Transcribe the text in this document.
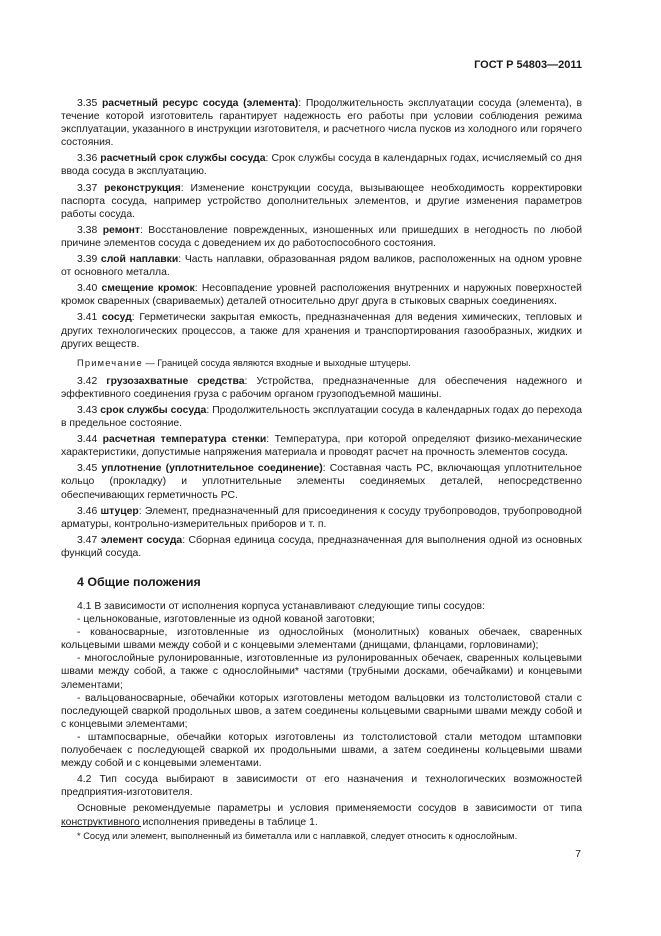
ГОСТ Р 54803—2011

3.35 расчетный ресурс сосуда (элемента): Продолжительность эксплуатации сосуда (элемента), в течение которой изготовитель гарантирует надежность его работы при условии соблюдения режима эксплуатации, указанного в инструкции изготовителя, и расчетного числа пусков из холодного или горячего состояния.

3.36 расчетный срок службы сосуда: Срок службы сосуда в календарных годах, исчисляемый со дня ввода сосуда в эксплуатацию.

3.37 реконструкция: Изменение конструкции сосуда, вызывающее необходимость корректировки паспорта сосуда, например устройство дополнительных элементов, и другие изменения параметров работы сосуда.

3.38 ремонт: Восстановление поврежденных, изношенных или пришедших в негодность по любой причине элементов сосуда с доведением их до работоспособного состояния.

3.39 слой наплавки: Часть наплавки, образованная рядом валиков, расположенных на одном уровне от основного металла.

3.40 смещение кромок: Несовпадение уровней расположения внутренних и наружных поверхностей кромок сваренных (свариваемых) деталей относительно друг друга в стыковых сварных соединениях.

3.41 сосуд: Герметически закрытая емкость, предназначенная для ведения химических, тепловых и других технологических процессов, а также для хранения и транспортирования газообразных, жидких и других веществ.

Примечание — Границей сосуда являются входные и выходные штуцеры.

3.42 грузозахватные средства: Устройства, предназначенные для обеспечения надежного и эффективного соединения груза с рабочим органом грузоподъемной машины.

3.43 срок службы сосуда: Продолжительность эксплуатации сосуда в календарных годах до перехода в предельное состояние.

3.44 расчетная температура стенки: Температура, при которой определяют физико-механические характеристики, допустимые напряжения материала и проводят расчет на прочность элементов сосуда.

3.45 уплотнение (уплотнительное соединение): Составная часть РС, включающая уплотнительное кольцо (прокладку) и уплотнительные элементы соединяемых деталей, непосредственно обеспечивающих герметичность РС.

3.46 штуцер: Элемент, предназначенный для присоединения к сосуду трубопроводов, трубопроводной арматуры, контрольно-измерительных приборов и т. п.

3.47 элемент сосуда: Сборная единица сосуда, предназначенная для выполнения одной из основных функций сосуда.

4 Общие положения

4.1 В зависимости от исполнения корпуса устанавливают следующие типы сосудов:

- цельнокованые, изготовленные из одной кованой заготовки;

- кованосварные, изготовленные из однослойных (монолитных) кованых обечаек, сваренных кольцевыми швами между собой и с концевыми элементами (днищами, фланцами, горловинами);

- многослойные рулонированные, изготовленные из рулонированных обечаек, сваренных кольцевыми швами между собой, а также с однослойными* частями (трубными досками, обечайками) и концевыми элементами;

- вальцованосварные, обечайки которых изготовлены методом вальцовки из толстолистовой стали с последующей сваркой продольных швов, а затем соединены кольцевыми сварными швами между собой и с концевыми элементами;

- штампосварные, обечайки которых изготовлены из толстолистовой стали методом штамповки полуобечаек с последующей сваркой их продольными швами, а затем соединены кольцевыми швами между собой и с концевыми элементами.

4.2 Тип сосуда выбирают в зависимости от его назначения и технологических возможностей предприятия-изготовителя.

Основные рекомендуемые параметры и условия применяемости сосудов в зависимости от типа конструктивного исполнения приведены в таблице 1.

* Сосуд или элемент, выполненный из биметалла или с наплавкой, следует относить к однослойным.
7
